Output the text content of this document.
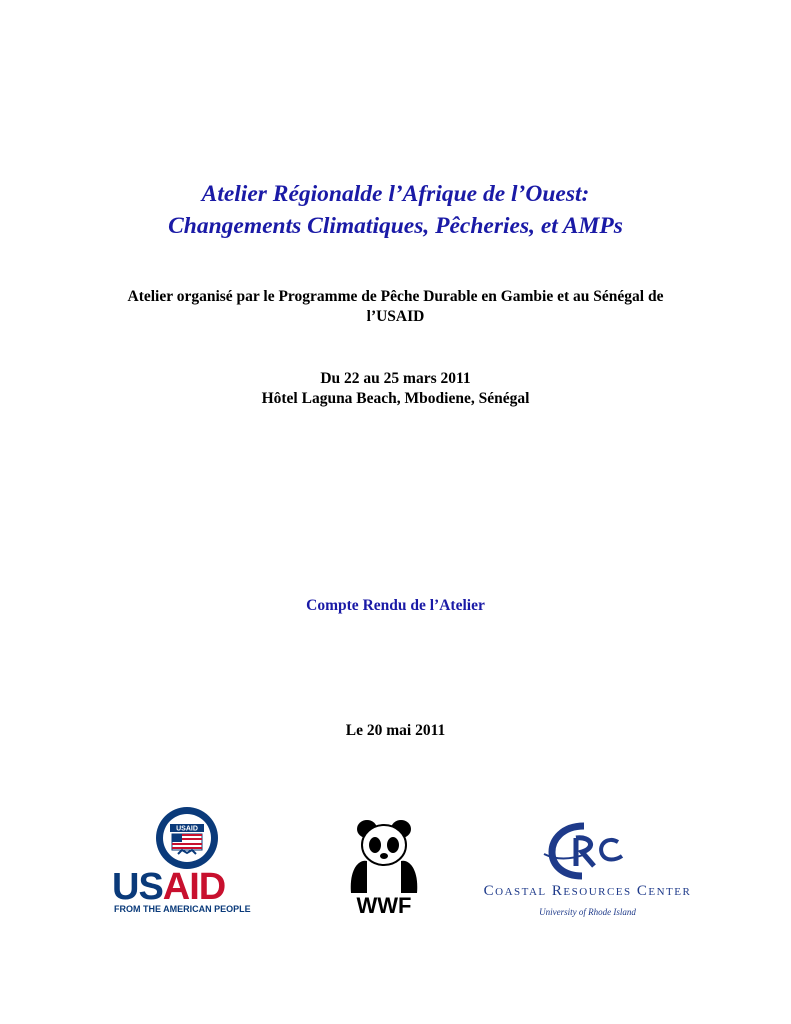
Atelier Régionalde l’Afrique de l’Ouest:
Changements Climatiques, Pêcheries, et AMPs
Atelier organisé par le Programme de Pêche Durable en Gambie et au Sénégal de
l’USAID
Du 22 au 25 mars 2011
Hôtel Laguna Beach, Mbodiene, Sénégal
Compte Rendu de l’Atelier
Le 20 mai 2011
USAID
USAID
FROM THE AMERICAN PEOPLE	WWF
Coastal Resources Center
University of Rhode Island
